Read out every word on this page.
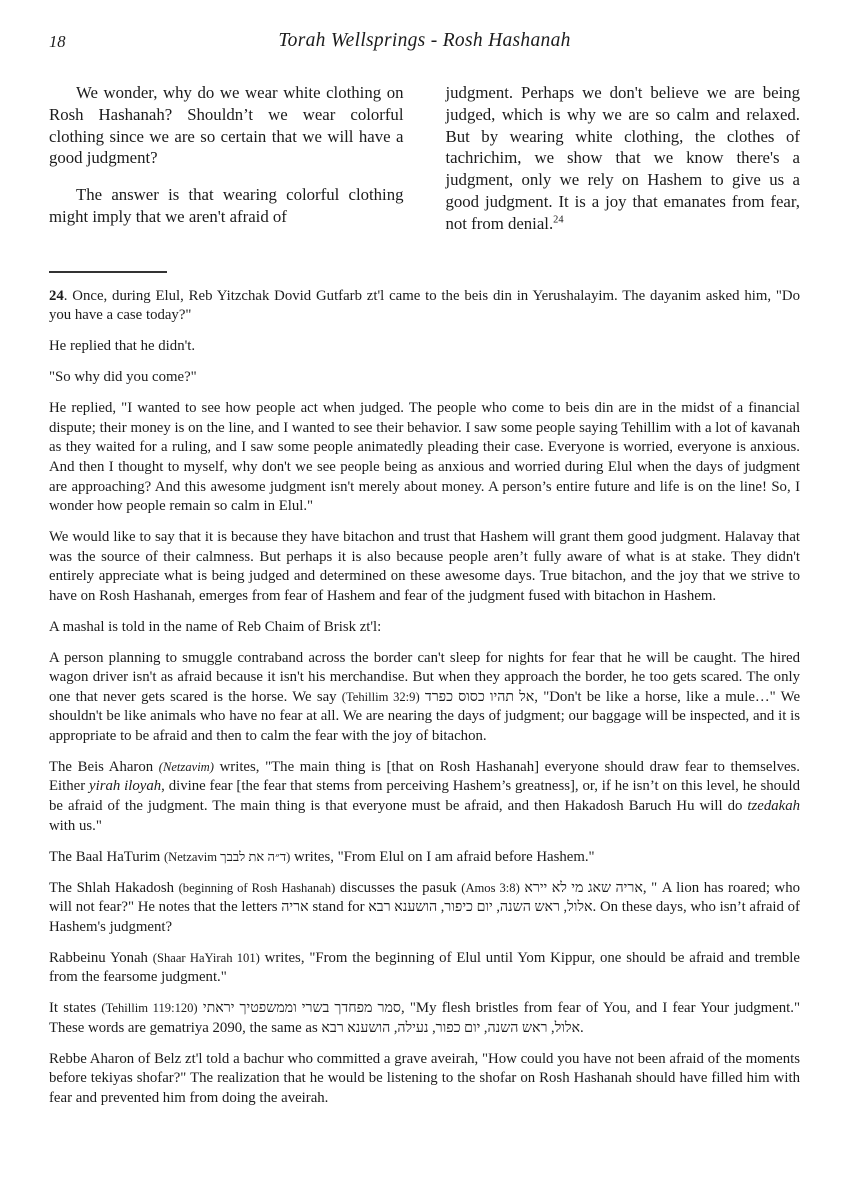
18	Torah Wellsprings - Rosh Hashanah

We wonder, why do we wear white clothing on Rosh Hashanah? Shouldn’t we wear colorful clothing since we are so certain that we will have a good judgment?

The answer is that wearing colorful clothing might imply that we aren't afraid of

judgment. Perhaps we don't believe we are being judged, which is why we are so calm and relaxed. But by wearing white clothing, the clothes of tachrichim, we show that we know there's a judgment, only we rely on Hashem to give us a good judgment. It is a joy that emanates from fear, not from denial.$^{24}$

24. Once, during Elul, Reb Yitzchak Dovid Gutfarb zt'l came to the beis din in Yerushalayim. The dayanim asked him, "Do you have a case today?"

He replied that he didn't.

"So why did you come?"

He replied, "I wanted to see how people act when judged. The people who come to beis din are in the midst of a financial dispute; their money is on the line, and I wanted to see their behavior. I saw some people saying Tehillim with a lot of kavanah as they waited for a ruling, and I saw some people animatedly pleading their case. Everyone is worried, everyone is anxious. And then I thought to myself, why don't we see people being as anxious and worried during Elul when the days of judgment are approaching? And this awesome judgment isn't merely about money. A person’s entire future and life is on the line! So, I wonder how people remain so calm in Elul."

We would like to say that it is because they have bitachon and trust that Hashem will grant them good judgment. Halavay that was the source of their calmness. But perhaps it is also because people aren’t fully aware of what is at stake. They didn't entirely appreciate what is being judged and determined on these awesome days. True bitachon, and the joy that we strive to have on Rosh Hashanah, emerges from fear of Hashem and fear of the judgment fused with bitachon in Hashem.

A mashal is told in the name of Reb Chaim of Brisk zt'l:

A person planning to smuggle contraband across the border can't sleep for nights for fear that he will be caught. The hired wagon driver isn't as afraid because it isn't his merchandise. But when they approach the border, he too gets scared. The only one that never gets scared is the horse. We say (Tehillim 32:9) אל תהיו כסוס כפרד, "Don't be like a horse, like a mule…" We shouldn't be like animals who have no fear at all. We are nearing the days of judgment; our baggage will be inspected, and it is appropriate to be afraid and then to calm the fear with the joy of bitachon.

The Beis Aharon (Netzavim) writes, "The main thing is [that on Rosh Hashanah] everyone should draw fear to themselves. Either yirah iloyah, divine fear [the fear that stems from perceiving Hashem’s greatness], or, if he isn’t on this level, he should be afraid of the judgment. The main thing is that everyone must be afraid, and then Hakadosh Baruch Hu will do tzedakah with us."

The Baal HaTurim (Netzavim ד״ה את לבבך) writes, "From Elul on I am afraid before Hashem."

The Shlah Hakadosh (beginning of Rosh Hashanah) discusses the pasuk (Amos 3:8) אריה שאג מי לא יירא, " A lion has roared; who will not fear?" He notes that the letters אריה stand for אלול, ראש השנה, יום כיפור, הושענא רבא. On these days, who isn’t afraid of Hashem's judgment?

Rabbeinu Yonah (Shaar HaYirah 101) writes, "From the beginning of Elul until Yom Kippur, one should be afraid and tremble from the fearsome judgment."

It states (Tehillim 119:120) סמר מפחדך בשרי וממשפטיך יראתי, "My flesh bristles from fear of You, and I fear Your judgment." These words are gematriya 2090, the same as אלול, ראש השנה, יום כפור, נעילה, הושענא רבא.

Rebbe Aharon of Belz zt'l told a bachur who committed a grave aveirah, "How could you have not been afraid of the moments before tekiyas shofar?" The realization that he would be listening to the shofar on Rosh Hashanah should have filled him with fear and prevented him from doing the aveirah.
